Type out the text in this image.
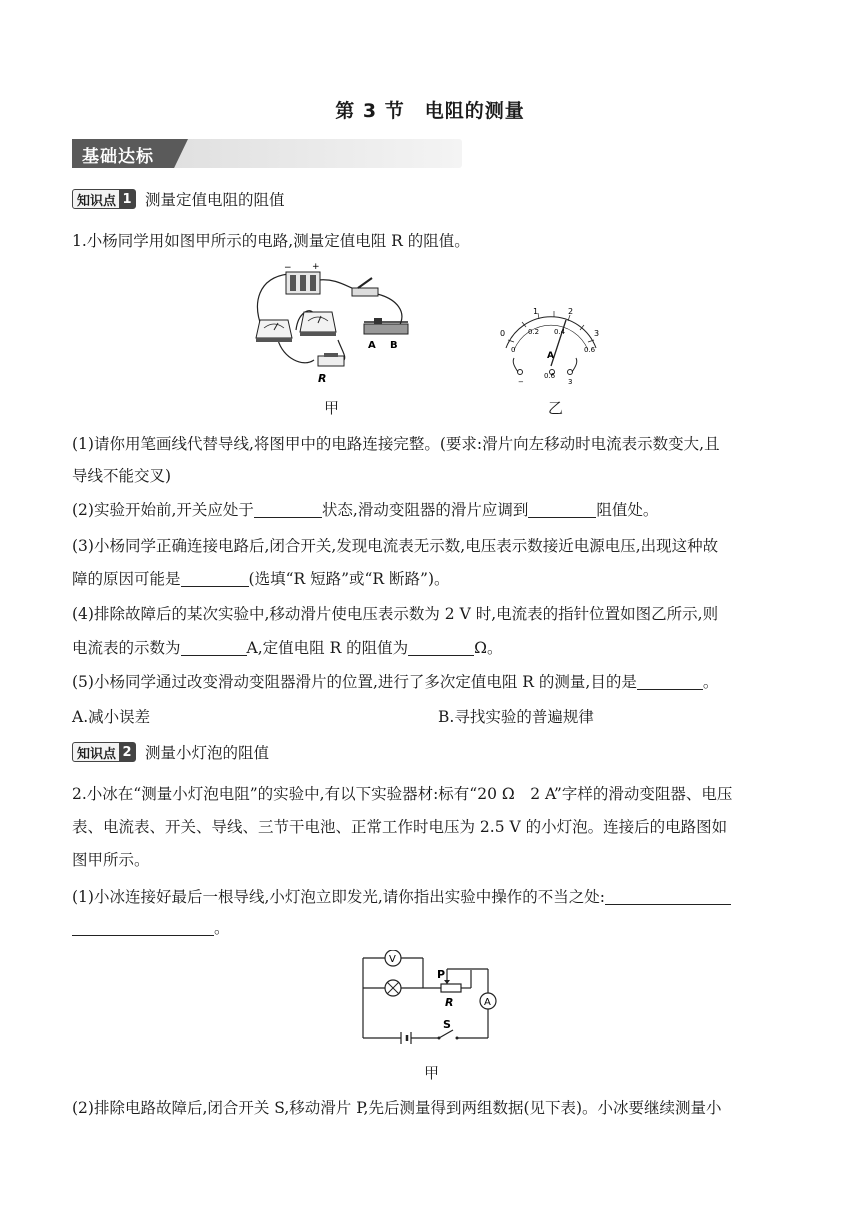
第 3 节　电阻的测量
基础达标
知识点 1 测量定值电阻的阻值
1.小杨同学用如图甲所示的电路,测量定值电阻 R 的阻值。
− +
A B
R
甲
0
1	2
3
0
0.2 0.4
0.6
A
−
0.6
3
乙
(1)请你用笔画线代替导线,将图甲中的电路连接完整。(要求:滑片向左移动时电流表示数变大,且
导线不能交叉)
(2)实验开始前,开关应处于	状态,滑动变阻器的滑片应调到	阻值处。
(3)小杨同学正确连接电路后,闭合开关,发现电流表无示数,电压表示数接近电源电压,出现这种故
障的原因可能是	(选填“R 短路”或“R 断路”)。
(4)排除故障后的某次实验中,移动滑片使电压表示数为 2 V 时,电流表的指针位置如图乙所示,则
电流表的示数为	A,定值电阻 R 的阻值为	Ω。
(5)小杨同学通过改变滑动变阻器滑片的位置,进行了多次定值电阻 R 的测量,目的是	。
A.减小误差	B.寻找实验的普遍规律
知识点 2 测量小灯泡的阻值
2.小冰在“测量小灯泡电阻”的实验中,有以下实验器材:标有“20 Ω　2 A”字样的滑动变阻器、电压
表、电流表、开关、导线、三节干电池、正常工作时电压为 2.5 V 的小灯泡。连接后的电路图如
图甲所示。
(1)小冰连接好最后一根导线,小灯泡立即发光,请你指出实验中操作的不当之处:
。
S
V
P
R	A
甲
(2)排除电路故障后,闭合开关 S,移动滑片 P,先后测量得到两组数据(见下表)。小冰要继续测量小
